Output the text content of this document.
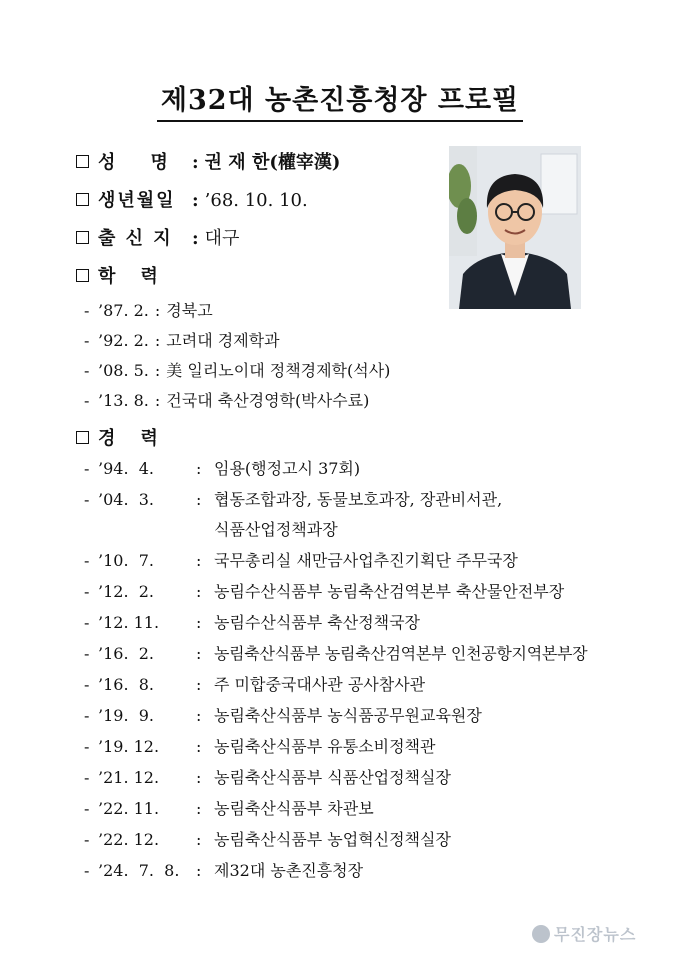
제32대 농촌진흥청장 프로필
성    명 : 권 재 한(權宰漢)
생년월일 : ’68. 10. 10.
출 신 지 : 대구
학    력
- ’87. 2. : 경북고
- ’92. 2. : 고려대 경제학과
- ’08. 5. : 美 일리노이대 정책경제학(석사)
- ’13. 8. : 건국대 축산경영학(박사수료)
경    력
- ’94.  4.	: 임용(행정고시 37회)
- ’04.  3.	: 협동조합과장, 동물보호과장, 장관비서관,
식품산업정책과장
- ’10.  7.	: 국무총리실 새만금사업추진기획단 주무국장
- ’12.  2.	: 농림수산식품부 농림축산검역본부 축산물안전부장
- ’12. 11. : 농림수산식품부 축산정책국장
- ’16.  2.	: 농림축산식품부 농림축산검역본부 인천공항지역본부장
- ’16.  8.	: 주 미합중국대사관 공사참사관
- ’19.  9.	: 농림축산식품부 농식품공무원교육원장
- ’19. 12. : 농림축산식품부 유통소비정책관
- ’21. 12. : 농림축산식품부 식품산업정책실장
- ’22. 11. : 농림축산식품부 차관보
- ’22. 12. : 농림축산식품부 농업혁신정책실장
- ’24.  7.  8. : 제32대 농촌진흥청장
무진장뉴스
